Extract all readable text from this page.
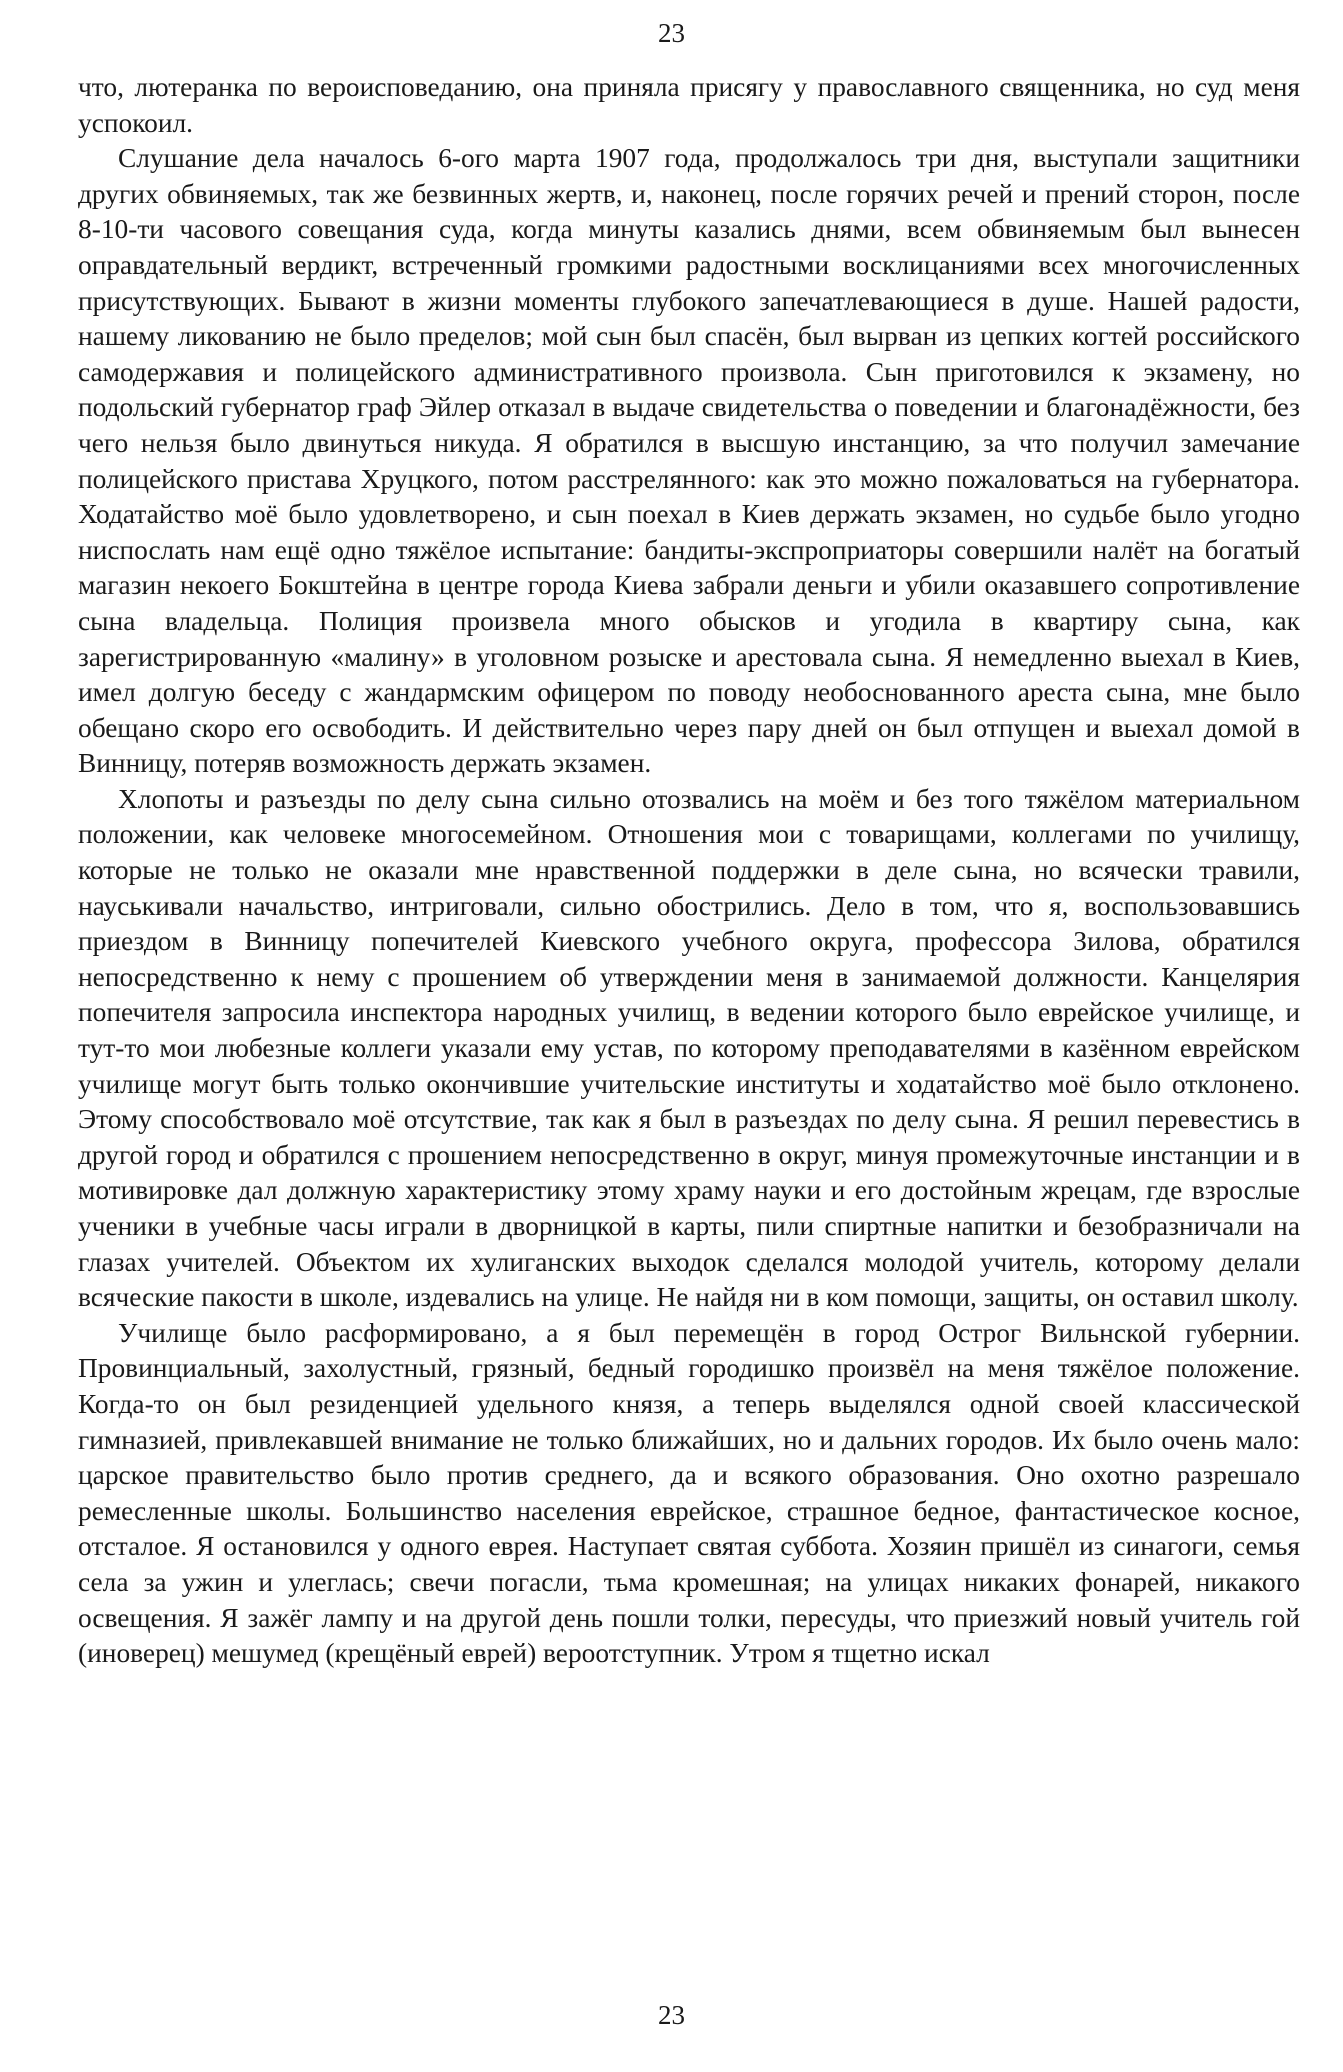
23

что, лютеранка по вероисповеданию, она приняла присягу у православного священника, но суд меня успокоил.

Слушание дела началось 6-ого марта 1907 года, продолжалось три дня, выступали защитники других обвиняемых, так же безвинных жертв, и, наконец, после горячих речей и прений сторон, после 8-10-ти часового совещания суда, когда минуты казались днями, всем обвиняемым был вынесен оправдательный вердикт, встреченный громкими радостными восклицаниями всех многочисленных присутствующих. Бывают в жизни моменты глубокого запечатлевающиеся в душе. Нашей радости, нашему ликованию не было пределов; мой сын был спасён, был вырван из цепких когтей российского самодержавия и полицейского административного произвола. Сын приготовился к экзамену, но подольский губернатор граф Эйлер отказал в выдаче свидетельства о поведении и благонадёжности, без чего нельзя было двинуться никуда. Я обратился в высшую инстанцию, за что получил замечание полицейского пристава Хруцкого, потом расстрелянного: как это можно пожаловаться на губернатора. Ходатайство моё было удовлетворено, и сын поехал в Киев держать экзамен, но судьбе было угодно ниспослать нам ещё одно тяжёлое испытание: бандиты-экспроприаторы совершили налёт на богатый магазин некоего Бокштейна в центре города Киева забрали деньги и убили оказавшего сопротивление сына владельца. Полиция произвела много обысков и угодила в квартиру сына, как зарегистрированную «малину» в уголовном розыске и арестовала сына. Я немедленно выехал в Киев, имел долгую беседу с жандармским офицером по поводу необоснованного ареста сына, мне было обещано скоро его освободить. И действительно через пару дней он был отпущен и выехал домой в Винницу, потеряв возможность держать экзамен.

Хлопоты и разъезды по делу сына сильно отозвались на моём и без того тяжёлом материальном положении, как человеке многосемейном. Отношения мои с товарищами, коллегами по училищу, которые не только не оказали мне нравственной поддержки в деле сына, но всячески травили, науськивали начальство, интриговали, сильно обострились. Дело в том, что я, воспользовавшись приездом в Винницу попечителей Киевского учебного округа, профессора Зилова, обратился непосредственно к нему с прошением об утверждении меня в занимаемой должности. Канцелярия попечителя запросила инспектора народных училищ, в ведении которого было еврейское училище, и тут-то мои любезные коллеги указали ему устав, по которому преподавателями в казённом еврейском училище могут быть только окончившие учительские институты и ходатайство моё было отклонено. Этому способствовало моё отсутствие, так как я был в разъездах по делу сына. Я решил перевестись в другой город и обратился с прошением непосредственно в округ, минуя промежуточные инстанции и в мотивировке дал должную характеристику этому храму науки и его достойным жрецам, где взрослые ученики в учебные часы играли в дворницкой в карты, пили спиртные напитки и безобразничали на глазах учителей. Объектом их хулиганских выходок сделался молодой учитель, которому делали всяческие пакости в школе, издевались на улице. Не найдя ни в ком помощи, защиты, он оставил школу.

Училище было расформировано, а я был перемещён в город Острог Вильнской губернии. Провинциальный, захолустный, грязный, бедный городишко произвёл на меня тяжёлое положение. Когда-то он был резиденцией удельного князя, а теперь выделялся одной своей классической гимназией, привлекавшей внимание не только ближайших, но и дальних городов. Их было очень мало: царское правительство было против среднего, да и всякого образования. Оно охотно разрешало ремесленные школы. Большинство населения еврейское, страшное бедное, фантастическое косное, отсталое. Я остановился у одного еврея. Наступает святая суббота. Хозяин пришёл из синагоги, семья села за ужин и улеглась; свечи погасли, тьма кромешная; на улицах никаких фонарей, никакого освещения. Я зажёг лампу и на другой день пошли толки, пересуды, что приезжий новый учитель гой (иноверец) мешумед (крещёный еврей) вероотступник. Утром я тщетно искал

23
